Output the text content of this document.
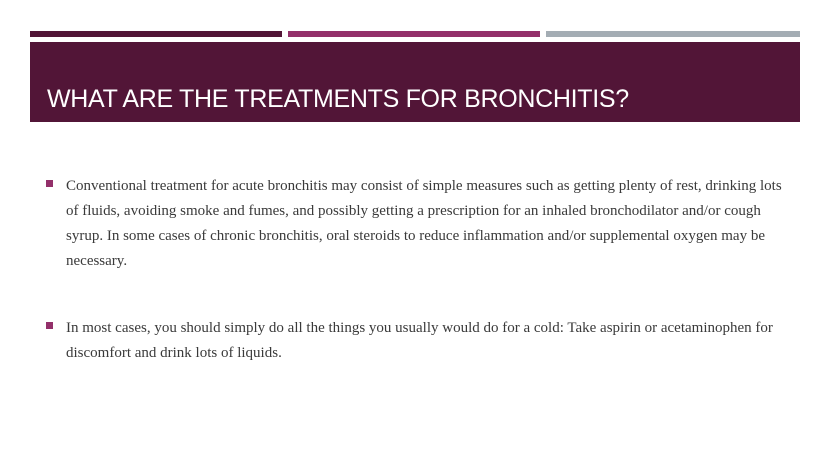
WHAT ARE THE TREATMENTS FOR BRONCHITIS?

Conventional treatment for acute bronchitis may consist of simple measures such as getting plenty of rest, drinking lots of fluids, avoiding smoke and fumes, and possibly getting a prescription for an inhaled bronchodilator and/or cough syrup. In some cases of chronic bronchitis, oral steroids to reduce inflammation and/or supplemental oxygen may be necessary.

In most cases, you should simply do all the things you usually would do for a cold: Take aspirin or acetaminophen for discomfort and drink lots of liquids.
